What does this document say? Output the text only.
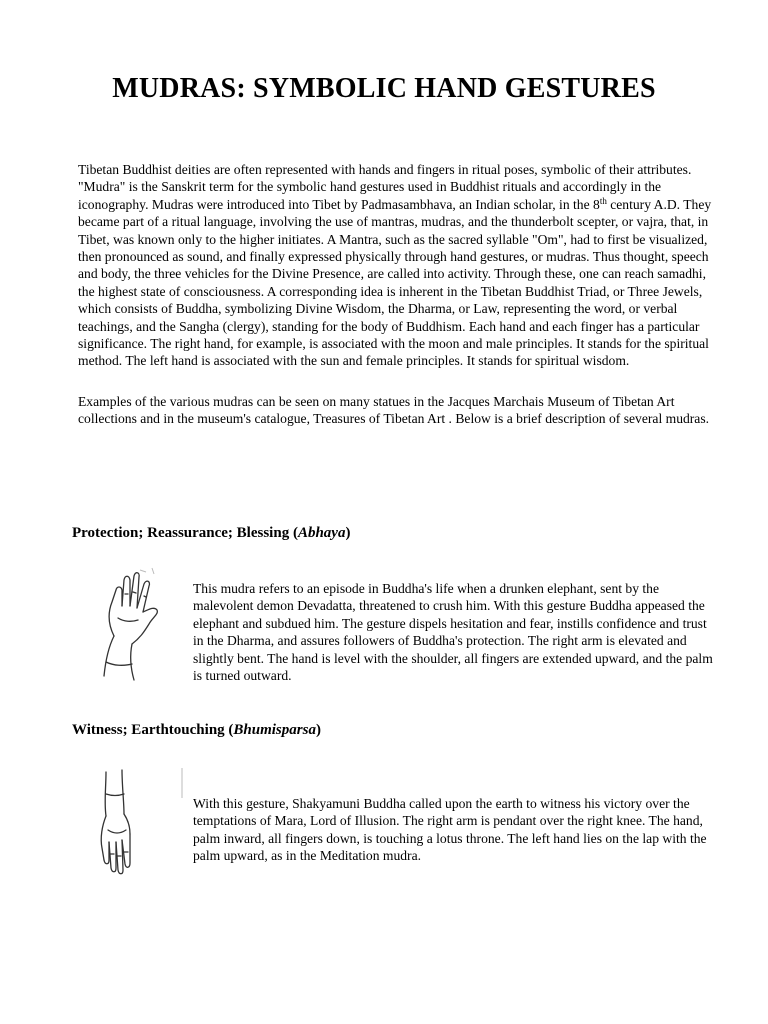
MUDRAS: SYMBOLIC HAND GESTURES

Tibetan Buddhist deities are often represented with hands and fingers in ritual poses, symbolic of their attributes. "Mudra" is the Sanskrit term for the symbolic hand gestures used in Buddhist rituals and accordingly in the iconography. Mudras were introduced into Tibet by Padmasambhava, an Indian scholar, in the 8th century A.D. They became part of a ritual language, involving the use of mantras, mudras, and the thunderbolt scepter, or vajra, that, in Tibet, was known only to the higher initiates. A Mantra, such as the sacred syllable "Om", had to first be visualized, then pronounced as sound, and finally expressed physically through hand gestures, or mudras. Thus thought, speech and body, the three vehicles for the Divine Presence, are called into activity. Through these, one can reach samadhi, the highest state of consciousness. A corresponding idea is inherent in the Tibetan Buddhist Triad, or Three Jewels, which consists of Buddha, symbolizing Divine Wisdom, the Dharma, or Law, representing the word, or verbal teachings, and the Sangha (clergy), standing for the body of Buddhism. Each hand and each finger has a particular significance. The right hand, for example, is associated with the moon and male principles. It stands for the spiritual method. The left hand is associated with the sun and female principles. It stands for spiritual wisdom.

Examples of the various mudras can be seen on many statues in the Jacques Marchais Museum of Tibetan Art collections and in the museum's catalogue, Treasures of Tibetan Art . Below is a brief description of several mudras.

Protection; Reassurance; Blessing (Abhaya)

This mudra refers to an episode in Buddha's life when a drunken elephant, sent by the malevolent demon Devadatta, threatened to crush him. With this gesture Buddha appeased the elephant and subdued him. The gesture dispels hesitation and fear, instills confidence and trust in the Dharma, and assures followers of Buddha's protection. The right arm is elevated and slightly bent. The hand is level with the shoulder, all fingers are extended upward, and the palm is turned outward.

Witness; Earthtouching (Bhumisparsa)

With this gesture, Shakyamuni Buddha called upon the earth to witness his victory over the temptations of Mara, Lord of Illusion. The right arm is pendant over the right knee. The hand, palm inward, all fingers down, is touching a lotus throne. The left hand lies on the lap with the palm upward, as in the Meditation mudra.
